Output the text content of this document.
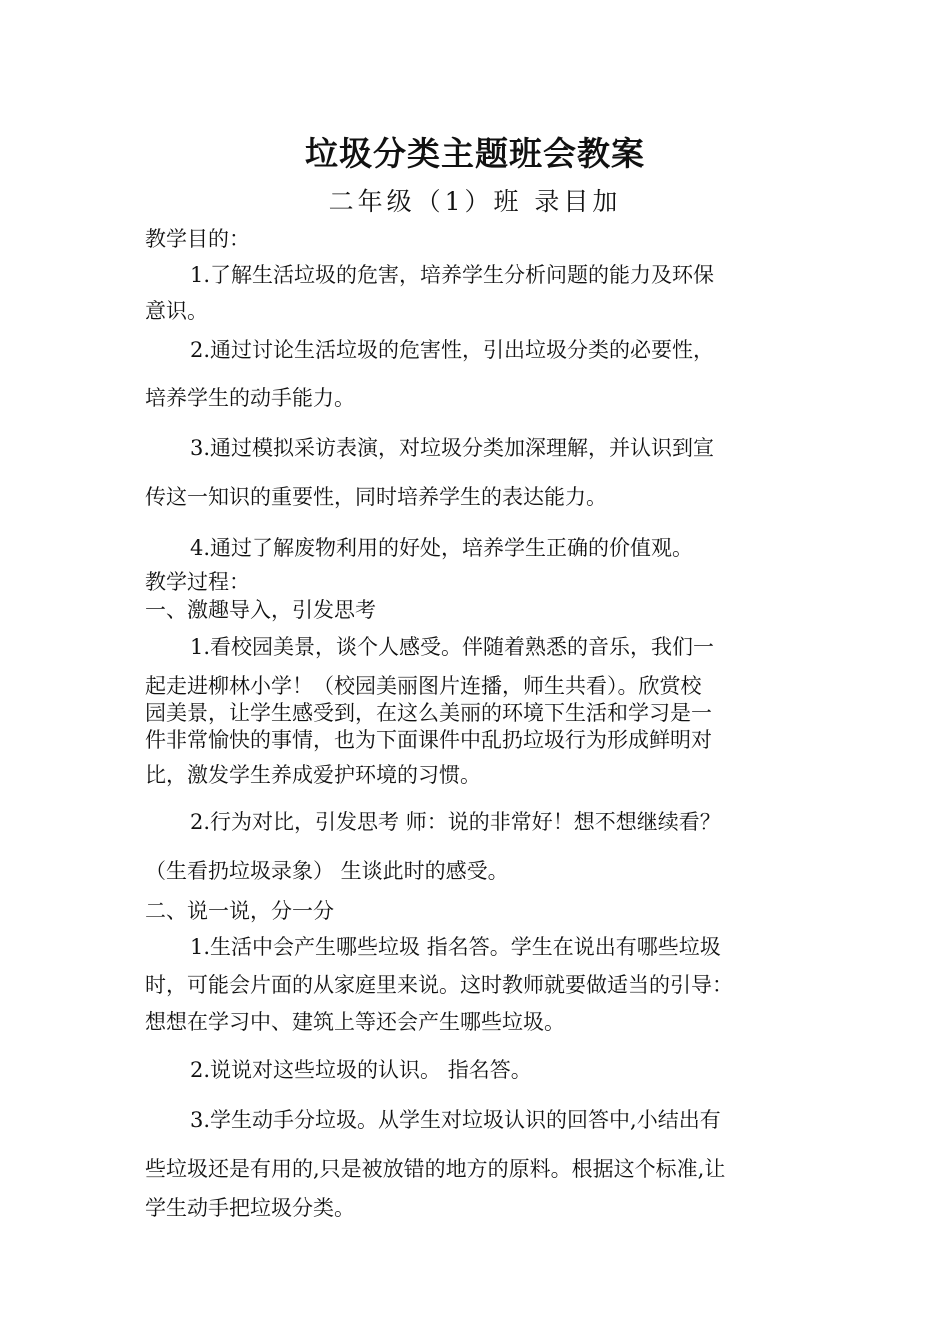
垃圾分类主题班会教案
二年级（1）班 录目加
教学目的：
1.了解生活垃圾的危害，培养学生分析问题的能力及环保
意识。
2.通过讨论生活垃圾的危害性，引出垃圾分类的必要性，
培养学生的动手能力。
3.通过模拟采访表演，对垃圾分类加深理解，并认识到宣
传这一知识的重要性，同时培养学生的表达能力。
4.通过了解废物利用的好处，培养学生正确的价值观。
教学过程：
一、激趣导入，引发思考
1.看校园美景，谈个人感受。伴随着熟悉的音乐，我们一
起走进柳林小学！（校园美丽图片连播，师生共看）。欣赏校
园美景，让学生感受到，在这么美丽的环境下生活和学习是一
件非常愉快的事情，也为下面课件中乱扔垃圾行为形成鲜明对
比，激发学生养成爱护环境的习惯。
2.行为对比，引发思考 师：说的非常好！想不想继续看？
（生看扔垃圾录象） 生谈此时的感受。
二、说一说，分一分
1.生活中会产生哪些垃圾 指名答。学生在说出有哪些垃圾
时，可能会片面的从家庭里来说。这时教师就要做适当的引导：
想想在学习中、建筑上等还会产生哪些垃圾。
2.说说对这些垃圾的认识。 指名答。
3.学生动手分垃圾。从学生对垃圾认识的回答中,小结出有
些垃圾还是有用的,只是被放错的地方的原料。根据这个标准,让
学生动手把垃圾分类。
